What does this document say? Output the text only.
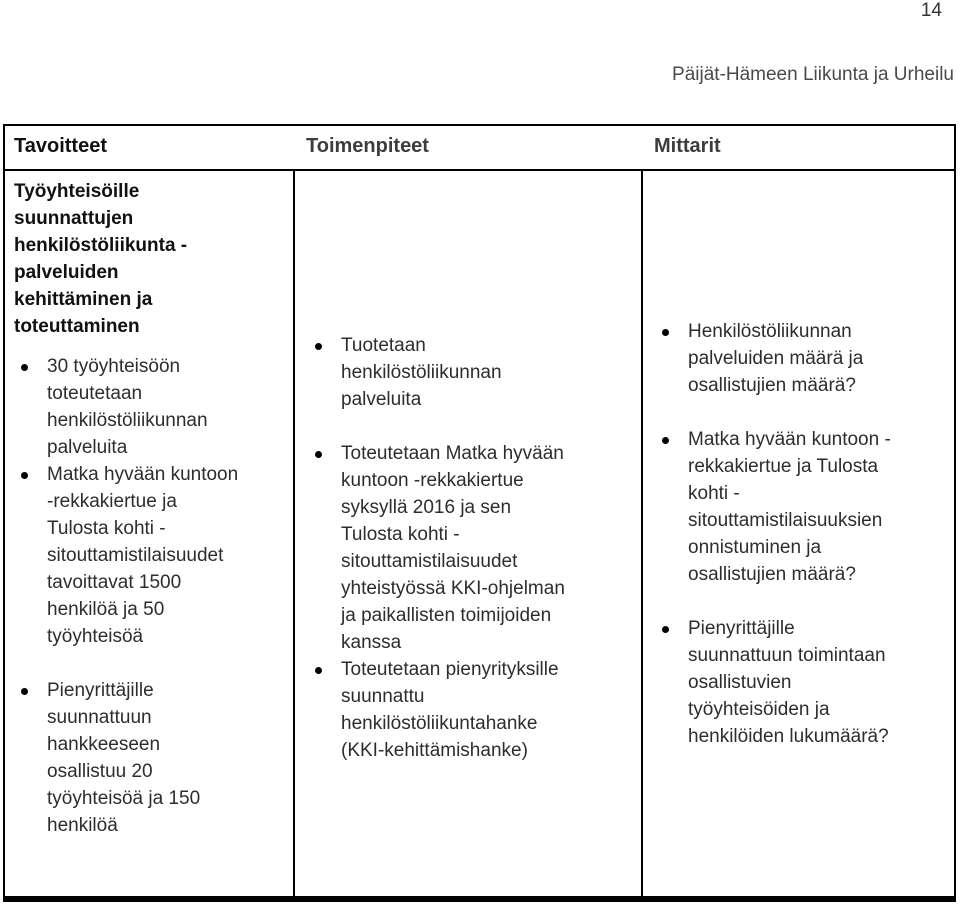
14
Päijät-Hämeen Liikunta ja Urheilu
Tavoitteet	Toimenpiteet	Mittarit
Työyhteisöille
suunnattujen
henkilöstöliikunta -
palveluiden
kehittäminen ja
toteuttaminen
30 työyhteisöön
toteutetaan
henkilöstöliikunnan
palveluita
Matka hyvään kuntoon
-rekkakiertue ja
Tulosta kohti -
sitouttamistilaisuudet
tavoittavat 1500
henkilöä ja 50
työyhteisöä
Pienyrittäjille
suunnattuun
hankkeeseen
osallistuu 20
työyhteisöä ja 150
henkilöä
Tuotetaan
henkilöstöliikunnan
palveluita
Toteutetaan Matka hyvään
kuntoon -rekkakiertue
syksyllä 2016 ja sen
Tulosta kohti -
sitouttamistilaisuudet
yhteistyössä KKI-ohjelman
ja paikallisten toimijoiden
kanssa
Toteutetaan pienyrityksille
suunnattu
henkilöstöliikuntahanke
(KKI-kehittämishanke)
Henkilöstöliikunnan
palveluiden määrä ja
osallistujien määrä?
Matka hyvään kuntoon -
rekkakiertue ja Tulosta
kohti -
sitouttamistilaisuuksien
onnistuminen ja
osallistujien määrä?
Pienyrittäjille
suunnattuun toimintaan
osallistuvien
työyhteisöiden ja
henkilöiden lukumäärä?
